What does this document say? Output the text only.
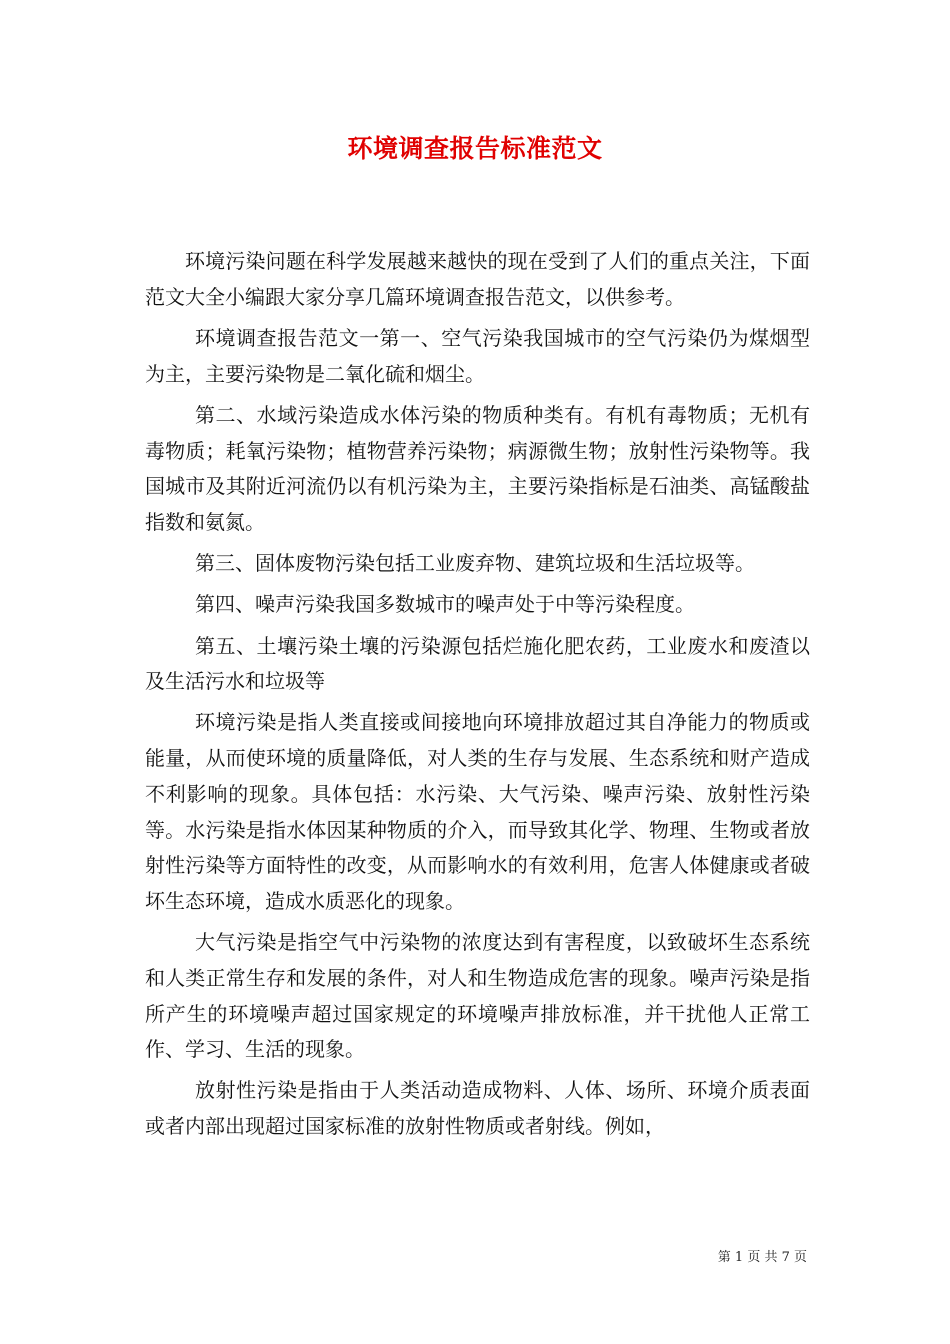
环境调查报告标准范文

环境污染问题在科学发展越来越快的现在受到了人们的重点关注，下面范文大全小编跟大家分享几篇环境调查报告范文，以供参考。

环境调查报告范文一第一、空气污染我国城市的空气污染仍为煤烟型为主，主要污染物是二氧化硫和烟尘。

第二、水域污染造成水体污染的物质种类有。有机有毒物质；无机有毒物质；耗氧污染物；植物营养污染物；病源微生物；放射性污染物等。我国城市及其附近河流仍以有机污染为主，主要污染指标是石油类、高锰酸盐指数和氨氮。

第三、固体废物污染包括工业废弃物、建筑垃圾和生活垃圾等。

第四、噪声污染我国多数城市的噪声处于中等污染程度。

第五、土壤污染土壤的污染源包括烂施化肥农药，工业废水和废渣以及生活污水和垃圾等

环境污染是指人类直接或间接地向环境排放超过其自净能力的物质或能量，从而使环境的质量降低，对人类的生存与发展、生态系统和财产造成不利影响的现象。具体包括：水污染、大气污染、噪声污染、放射性污染等。水污染是指水体因某种物质的介入，而导致其化学、物理、生物或者放射性污染等方面特性的改变，从而影响水的有效利用，危害人体健康或者破坏生态环境，造成水质恶化的现象。

大气污染是指空气中污染物的浓度达到有害程度，以致破坏生态系统和人类正常生存和发展的条件，对人和生物造成危害的现象。噪声污染是指所产生的环境噪声超过国家规定的环境噪声排放标准，并干扰他人正常工作、学习、生活的现象。

放射性污染是指由于人类活动造成物料、人体、场所、环境介质表面或者内部出现超过国家标准的放射性物质或者射线。例如，

第 1 页 共 7 页
